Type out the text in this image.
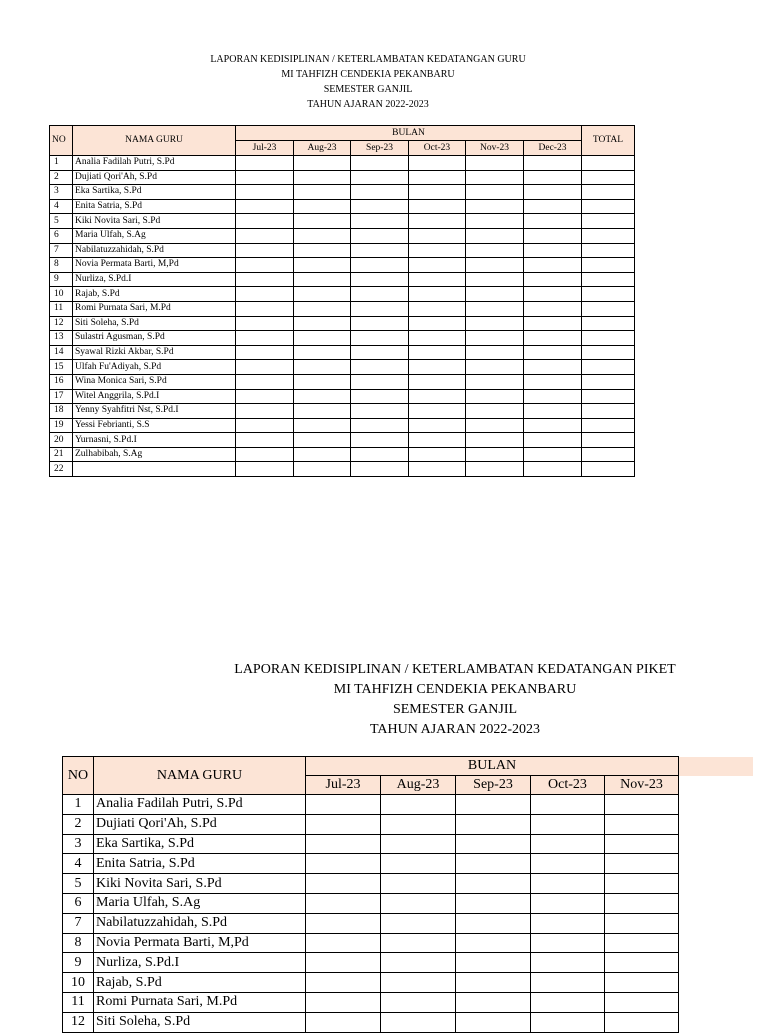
LAPORAN KEDISIPLINAN / KETERLAMBATAN KEDATANGAN GURU
MI TAHFIZH CENDEKIA PEKANBARU
SEMESTER GANJIL
TAHUN AJARAN 2022-2023
NO	NAMA GURU	BULAN						TOTAL
		Jul-23	Aug-23	Sep-23	Oct-23	Nov-23	Dec-23	
1	Analia Fadilah Putri, S.Pd							
2	Dujiati Qori'Ah, S.Pd							
3	Eka Sartika, S.Pd							
4	Enita Satria, S.Pd							
5	Kiki Novita Sari, S.Pd							
6	Maria Ulfah, S.Ag							
7	Nabilatuzzahidah, S.Pd							
8	Novia Permata Barti, M,Pd							
9	Nurliza, S.Pd.I							
10	Rajab, S.Pd							
11	Romi Purnata Sari, M.Pd							
12	Siti Soleha, S.Pd							
13	Sulastri Agusman, S.Pd							
14	Syawal Rizki Akbar, S.Pd							
15	Ulfah Fu'Adiyah, S.Pd							
16	Wina Monica Sari, S.Pd							
17	Witel Anggrila, S.Pd.I							
18	Yenny Syahfitri Nst, S.Pd.I							
19	Yessi Febrianti, S.S							
20	Yurnasni, S.Pd.I							
21	Zulhabibah, S.Ag							
22								
LAPORAN KEDISIPLINAN / KETERLAMBATAN KEDATANGAN PIKET
MI TAHFIZH CENDEKIA PEKANBARU
SEMESTER GANJIL
TAHUN AJARAN 2022-2023
NO	NAMA GURU	BULAN					
		Jul-23	Aug-23	Sep-23	Oct-23	Nov-23	
1	Analia Fadilah Putri, S.Pd						
2	Dujiati Qori'Ah, S.Pd						
3	Eka Sartika, S.Pd						
4	Enita Satria, S.Pd						
5	Kiki Novita Sari, S.Pd						
6	Maria Ulfah, S.Ag						
7	Nabilatuzzahidah, S.Pd						
8	Novia Permata Barti, M,Pd						
9	Nurliza, S.Pd.I						
10	Rajab, S.Pd						
11	Romi Purnata Sari, M.Pd						
12	Siti Soleha, S.Pd						
